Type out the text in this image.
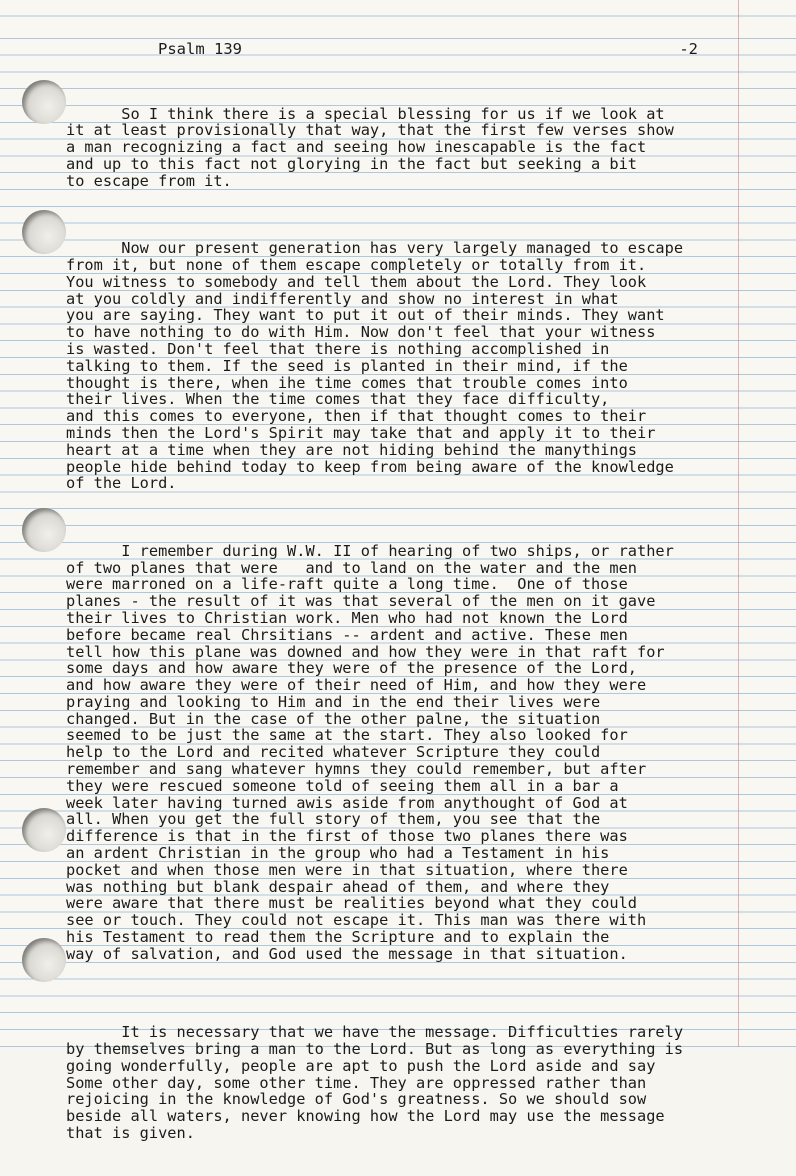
Psalm 139	-2

So I think there is a special blessing for us if we look at
it at least provisionally that way, that the first few verses show
a man recognizing a fact and seeing how inescapable is the fact
and up to this fact not glorying in the fact but seeking a bit
to escape from it.

Now our present generation has very largely managed to escape
from it, but none of them escape completely or totally from it.
You witness to somebody and tell them about the Lord. They look
at you coldly and indifferently and show no interest in what
you are saying. They want to put it out of their minds. They want
to have nothing to do with Him. Now don't feel that your witness
is wasted. Don't feel that there is nothing accomplished in
talking to them. If the seed is planted in their mind, if the
thought is there, when ihe time comes that trouble comes into
their lives. When the time comes that they face difficulty,
and this comes to everyone, then if that thought comes to their
minds then the Lord's Spirit may take that and apply it to their
heart at a time when they are not hiding behind the manythings
people hide behind today to keep from being aware of the knowledge
of the Lord.

I remember during W.W. II of hearing of two ships, or rather
of two planes that were   and to land on the water and the men
were marroned on a life-raft quite a long time.  One of those
planes - the result of it was that several of the men on it gave
their lives to Christian work. Men who had not known the Lord
before became real Chrsitians -- ardent and active. These men
tell how this plane was downed and how they were in that raft for
some days and how aware they were of the presence of the Lord,
and how aware they were of their need of Him, and how they were
praying and looking to Him and in the end their lives were
changed. But in the case of the other palne, the situation
seemed to be just the same at the start. They also looked for
help to the Lord and recited whatever Scripture they could
remember and sang whatever hymns they could remember, but after
they were rescued someone told of seeing them all in a bar a
week later having turned awis aside from anythought of God at
all. When you get the full story of them, you see that the
difference is that in the first of those two planes there was
an ardent Christian in the group who had a Testament in his
pocket and when those men were in that situation, where there
was nothing but blank despair ahead of them, and where they
were aware that there must be realities beyond what they could
see or touch. They could not escape it. This man was there with
his Testament to read them the Scripture and to explain the
way of salvation, and God used the message in that situation.

It is necessary that we have the message. Difficulties rarely
by themselves bring a man to the Lord. But as long as everything is
going wonderfully, people are apt to push the Lord aside and say
Some other day, some other time. They are oppressed rather than
rejoicing in the knowledge of God's greatness. So we should sow
beside all waters, never knowing how the Lord may use the message
that is given.
